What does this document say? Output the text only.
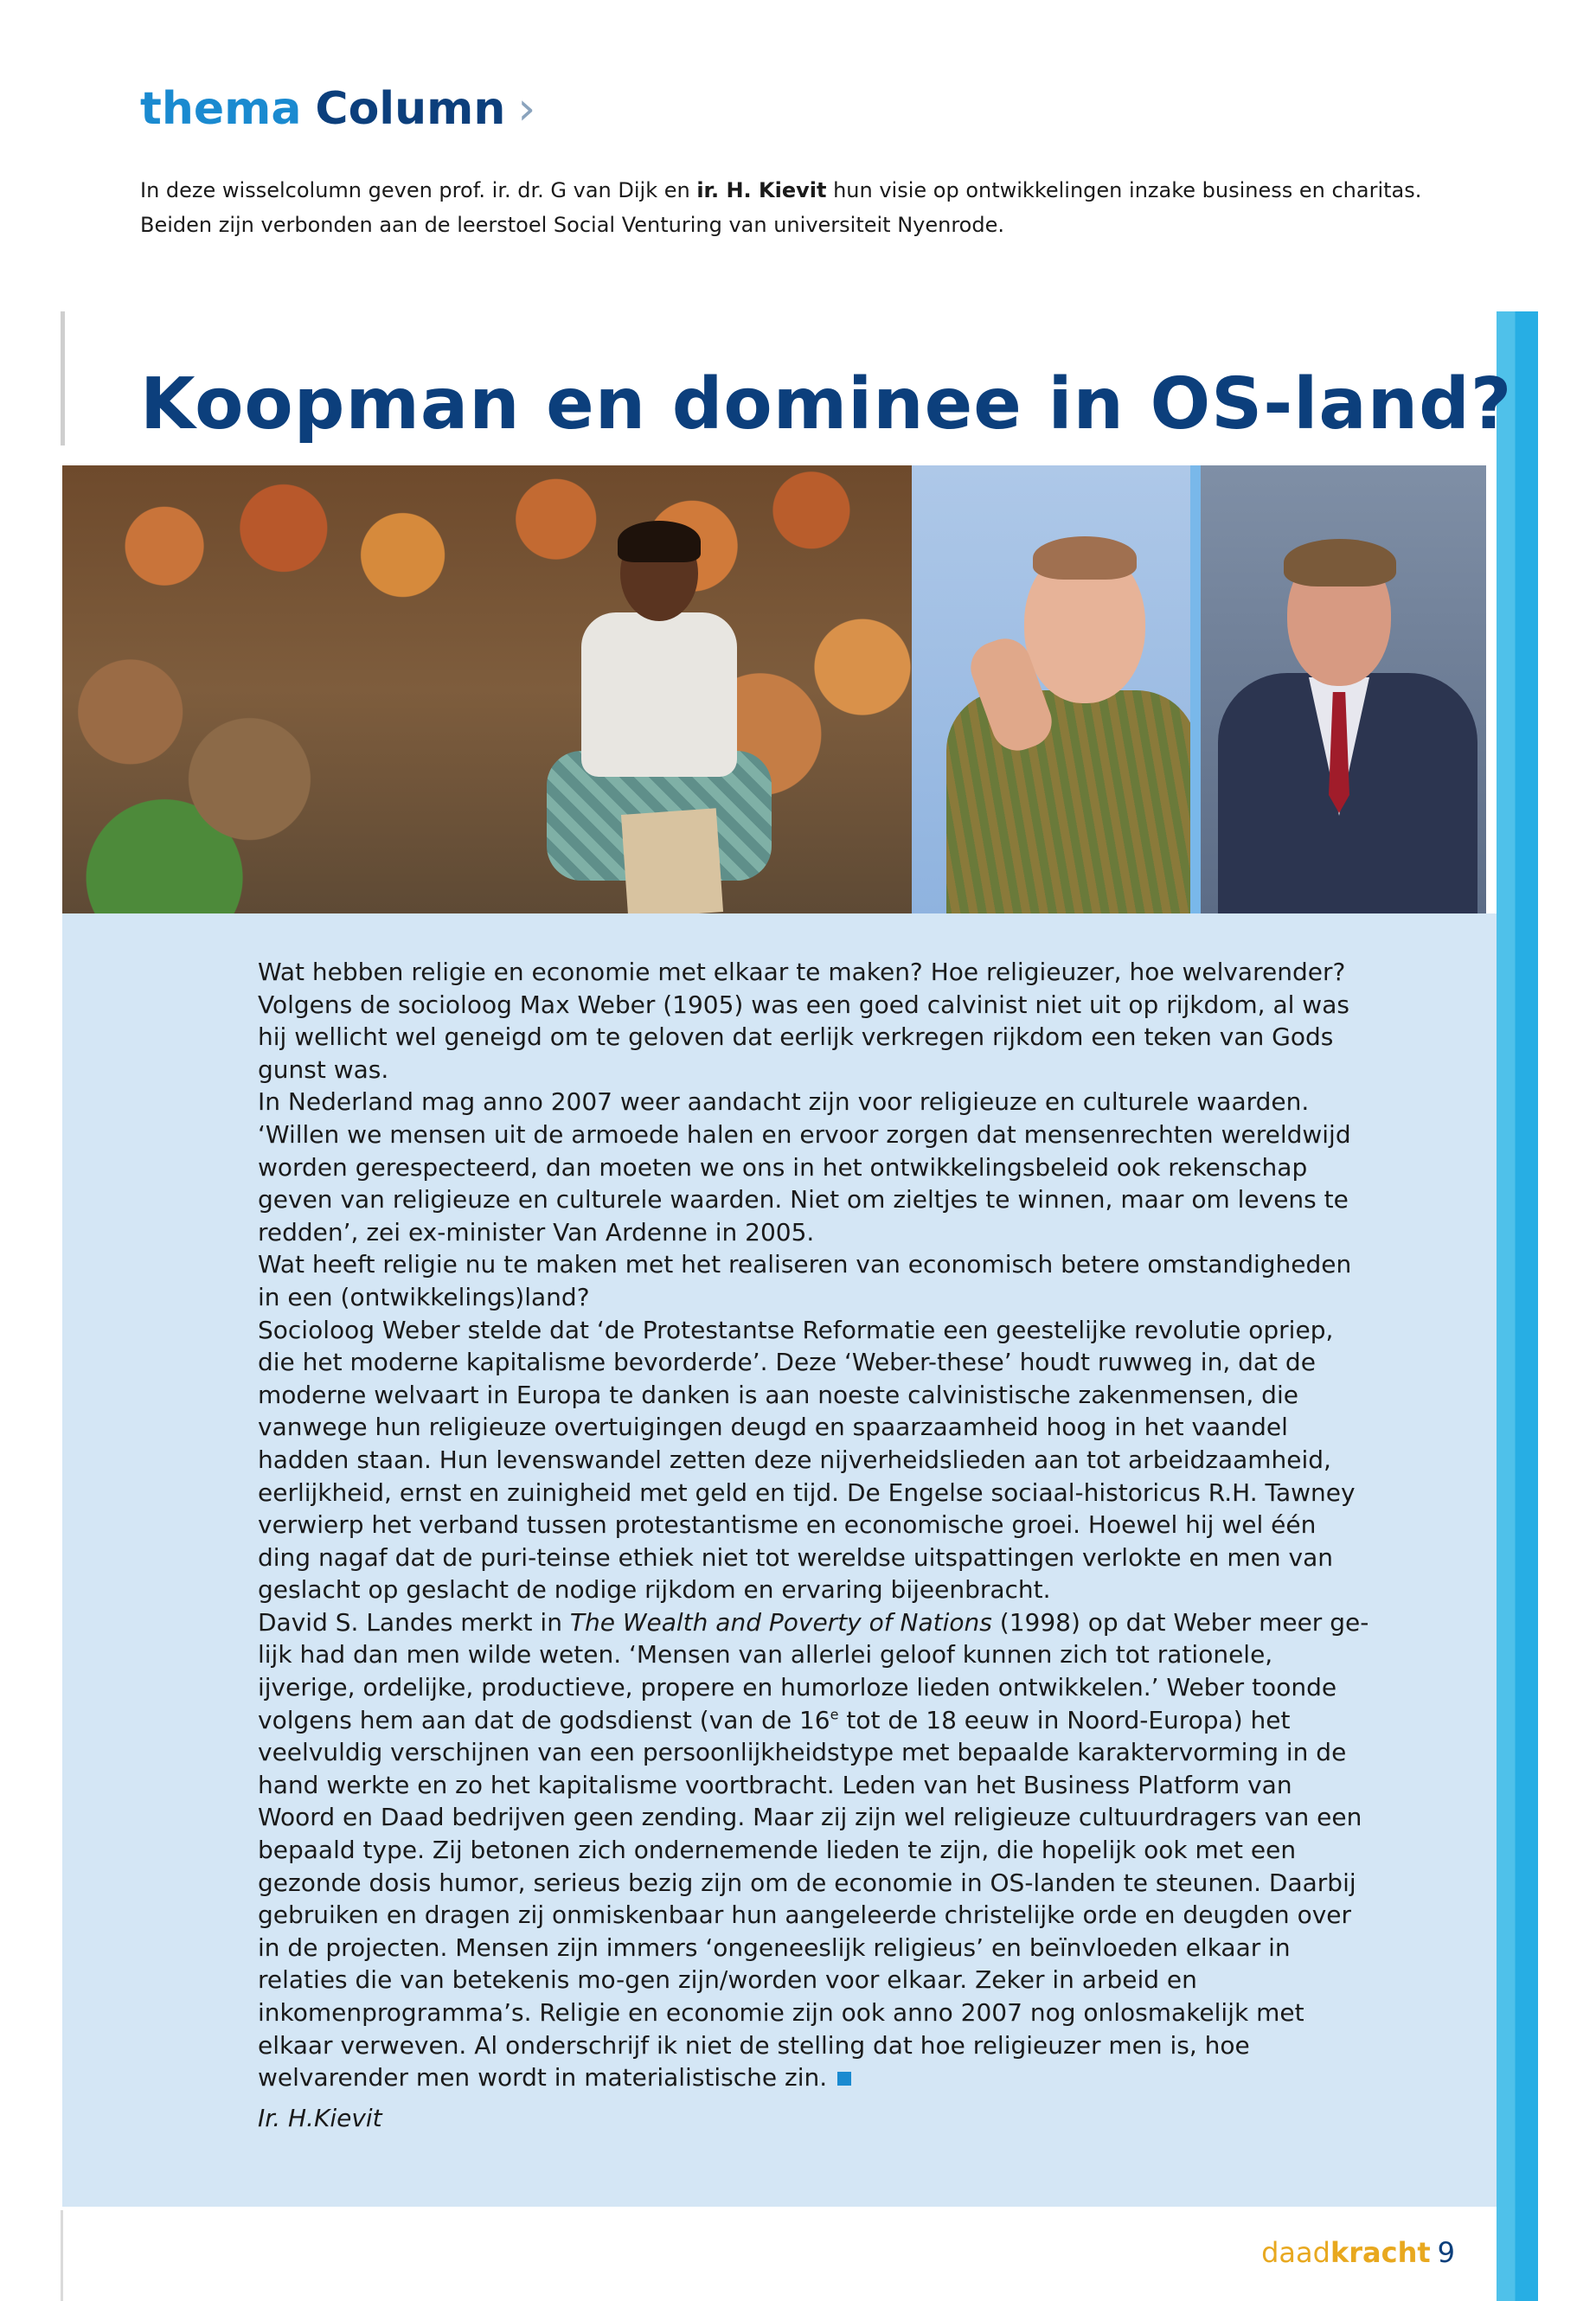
thema Column ›
In deze wisselcolumn geven prof. ir. dr. G van Dijk en ir. H. Kievit hun visie op ontwikkelingen inzake business en charitas.
Beiden zijn verbonden aan de leerstoel Social Venturing van universiteit Nyenrode.
Koopman en dominee in OS-land?

Wat hebben religie en economie met elkaar te maken? Hoe religieuzer, hoe welvarender? Volgens de socioloog Max Weber (1905) was een goed calvinist niet uit op rijkdom, al was hij wellicht wel geneigd om te geloven dat eerlijk verkregen rijkdom een teken van Gods gunst was.

In Nederland mag anno 2007 weer aandacht zijn voor religieuze en culturele waarden. ‘Willen we mensen uit de armoede halen en ervoor zorgen dat mensenrechten wereldwijd worden gerespecteerd, dan moeten we ons in het ontwikkelingsbeleid ook rekenschap geven van religieuze en culturele waarden. Niet om zieltjes te winnen, maar om levens te redden’, zei ex-minister Van Ardenne in 2005.

Wat heeft religie nu te maken met het realiseren van economisch betere omstandigheden in een (ontwikkelings)land?

Socioloog Weber stelde dat ‘de Protestantse Reformatie een geestelijke revolutie opriep, die het moderne kapitalisme bevorderde’. Deze ‘Weber-these’ houdt ruwweg in, dat de moderne welvaart in Europa te danken is aan noeste calvinistische zakenmensen, die vanwege hun religieuze overtuigingen deugd en spaarzaamheid hoog in het vaandel hadden staan. Hun levenswandel zetten deze nijverheidslieden aan tot arbeidzaamheid, eerlijkheid, ernst en zuinigheid met geld en tijd. De Engelse sociaal-historicus R.H. Tawney verwierp het verband tussen protestantisme en economische groei. Hoewel hij wel één ding nagaf dat de puri-teinse ethiek niet tot wereldse uitspattingen verlokte en men van geslacht op geslacht de nodige rijkdom en ervaring bijeenbracht.

David S. Landes merkt in The Wealth and Poverty of Nations (1998) op dat Weber meer ge-lijk had dan men wilde weten. ‘Mensen van allerlei geloof kunnen zich tot rationele, ijverige, ordelijke, productieve, propere en humorloze lieden ontwikkelen.’ Weber toonde volgens hem aan dat de godsdienst (van de 16e tot de 18 eeuw in Noord-Europa) het veelvuldig verschijnen van een persoonlijkheidstype met bepaalde karaktervorming in de hand werkte en zo het kapitalisme voortbracht. Leden van het Business Platform van Woord en Daad bedrijven geen zending. Maar zij zijn wel religieuze cultuurdragers van een bepaald type. Zij betonen zich ondernemende lieden te zijn, die hopelijk ook met een gezonde dosis humor, serieus bezig zijn om de economie in OS-landen te steunen. Daarbij gebruiken en dragen zij onmiskenbaar hun aangeleerde christelijke orde en deugden over in de projecten. Mensen zijn immers ‘ongeneeslijk religieus’ en beïnvloeden elkaar in relaties die van betekenis mo-gen zijn/worden voor elkaar. Zeker in arbeid en inkomenprogramma’s. Religie en economie zijn ook anno 2007 nog onlosmakelijk met elkaar verweven. Al onderschrijf ik niet de stelling dat hoe religieuzer men is, hoe welvarender men wordt in materialistische zin.

Ir. H.Kievit
daadkracht 9
